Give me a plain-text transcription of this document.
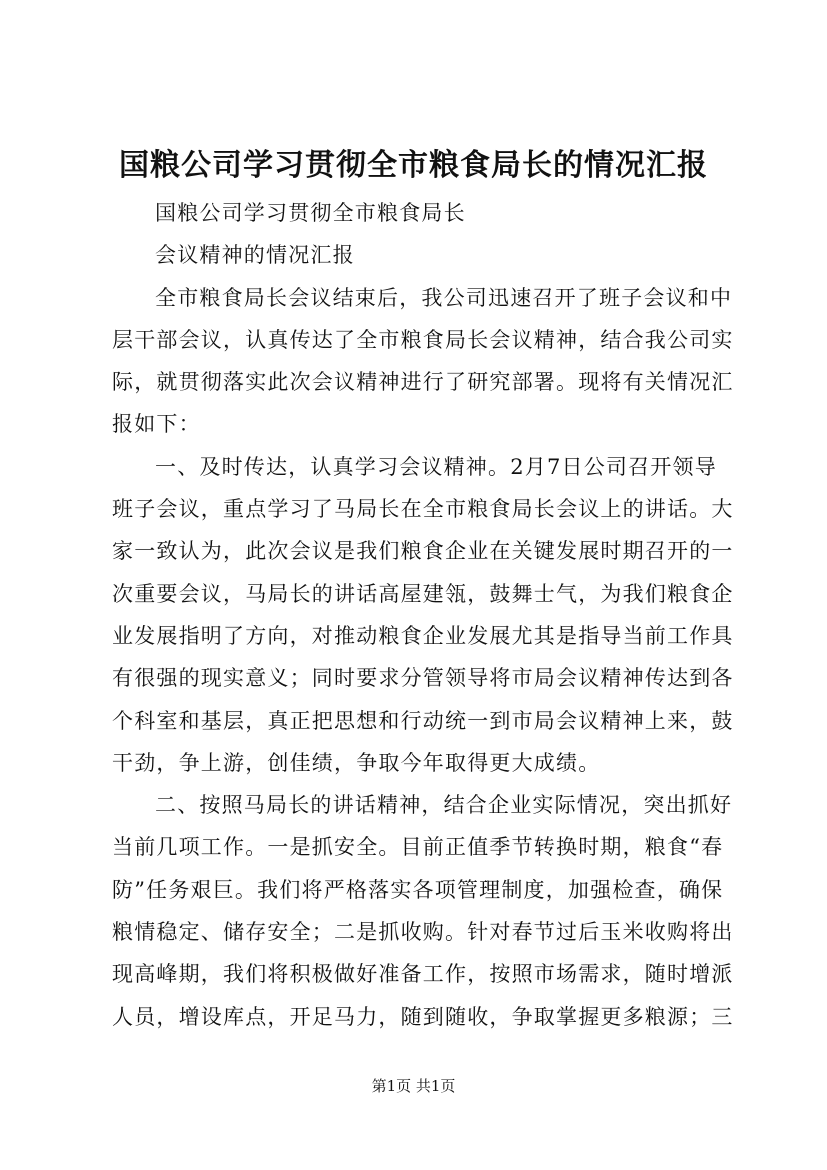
国粮公司学习贯彻全市粮食局长的情况汇报
国粮公司学习贯彻全市粮食局长
会议精神的情况汇报
全市粮食局长会议结束后，我公司迅速召开了班子会议和中
层干部会议，认真传达了全市粮食局长会议精神，结合我公司实
际，就贯彻落实此次会议精神进行了研究部署。现将有关情况汇
报如下：
一、及时传达，认真学习会议精神。2月7日公司召开领导
班子会议，重点学习了马局长在全市粮食局长会议上的讲话。大
家一致认为，此次会议是我们粮食企业在关键发展时期召开的一
次重要会议，马局长的讲话高屋建瓴，鼓舞士气，为我们粮食企
业发展指明了方向，对推动粮食企业发展尤其是指导当前工作具
有很强的现实意义；同时要求分管领导将市局会议精神传达到各
个科室和基层，真正把思想和行动统一到市局会议精神上来，鼓
干劲，争上游，创佳绩，争取今年取得更大成绩。
二、按照马局长的讲话精神，结合企业实际情况，突出抓好
当前几项工作。一是抓安全。目前正值季节转换时期，粮食“春
防”任务艰巨。我们将严格落实各项管理制度，加强检查，确保
粮情稳定、储存安全；二是抓收购。针对春节过后玉米收购将出
现高峰期，我们将积极做好准备工作，按照市场需求，随时增派
人员，增设库点，开足马力，随到随收，争取掌握更多粮源；三
第1页 共1页
